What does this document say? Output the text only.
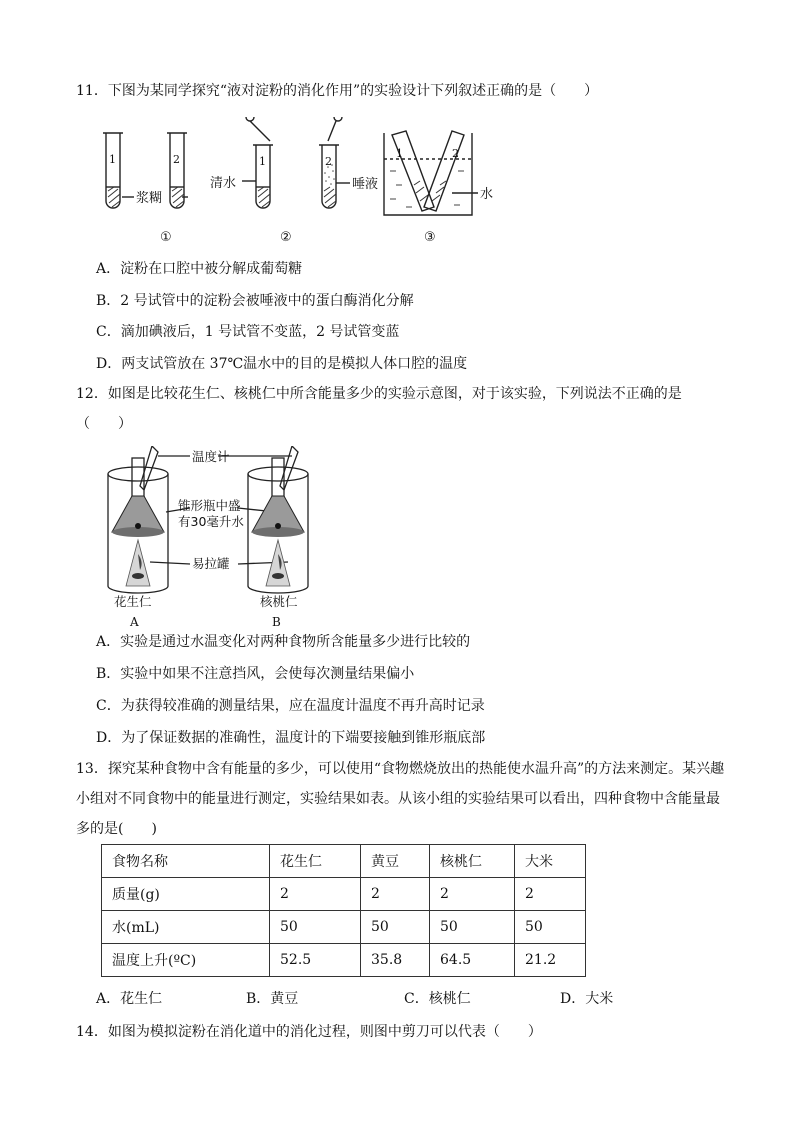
11．下图为某同学探究“液对淀粉的消化作用”的实验设计下列叙述正确的是（　　）
1	2	1	2
1	2
浆糊
清水	唾液
水
①	②	③
A．淀粉在口腔中被分解成葡萄糖
B．2 号试管中的淀粉会被唾液中的蛋白酶消化分解
C．滴加碘液后，1 号试管不变蓝，2 号试管变蓝
D．两支试管放在 37℃温水中的目的是模拟人体口腔的温度
12．如图是比较花生仁、核桃仁中所含能量多少的实验示意图，对于该实验，下列说法不正确的是（　　）
温度计
锥形瓶中盛
有30毫升水
易拉罐
花生仁	核桃仁
A	B
A．实验是通过水温变化对两种食物所含能量多少进行比较的
B．实验中如果不注意挡风，会使每次测量结果偏小
C．为获得较准确的测量结果，应在温度计温度不再升高时记录
D．为了保证数据的准确性，温度计的下端要接触到锥形瓶底部
13．探究某种食物中含有能量的多少，可以使用“食物燃烧放出的热能使水温升高”的方法来测定。某兴趣小组对不同食物中的能量进行测定，实验结果如表。从该小组的实验结果可以看出，四种食物中含能量最多的是(　　)
食物名称	花生仁	黄豆	核桃仁	大米
质量(g)	2	2	2	2
水(mL)	50	50	50	50
温度上升(ºC)	52.5	35.8	64.5	21.2
A．花生仁	B．黄豆	C．核桃仁	D．大米
14．如图为模拟淀粉在消化道中的消化过程，则图中剪刀可以代表（　　）
